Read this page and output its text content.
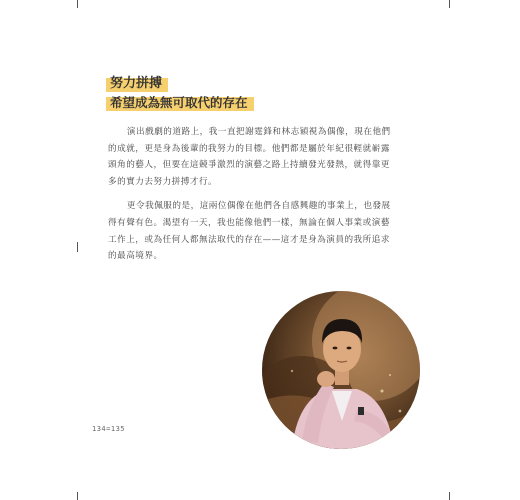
努力拼搏
希望成為無可取代的存在

演出戲劇的道路上，我一直把謝霆鋒和林志穎視為偶像，現在他們的成就，更是身為後輩的我努力的目標。他們都是屬於年紀很輕就嶄露頭角的藝人，但要在這競爭激烈的演藝之路上持續發光發熱，就得靠更多的實力去努力拼搏才行。

更令我佩服的是，這兩位偶像在他們各自感興趣的事業上，也發展得有聲有色。渴望有一天，我也能像他們一樣，無論在個人事業或演藝工作上，或為任何人都無法取代的存在——這才是身為演員的我所追求的最高境界。

134=135
